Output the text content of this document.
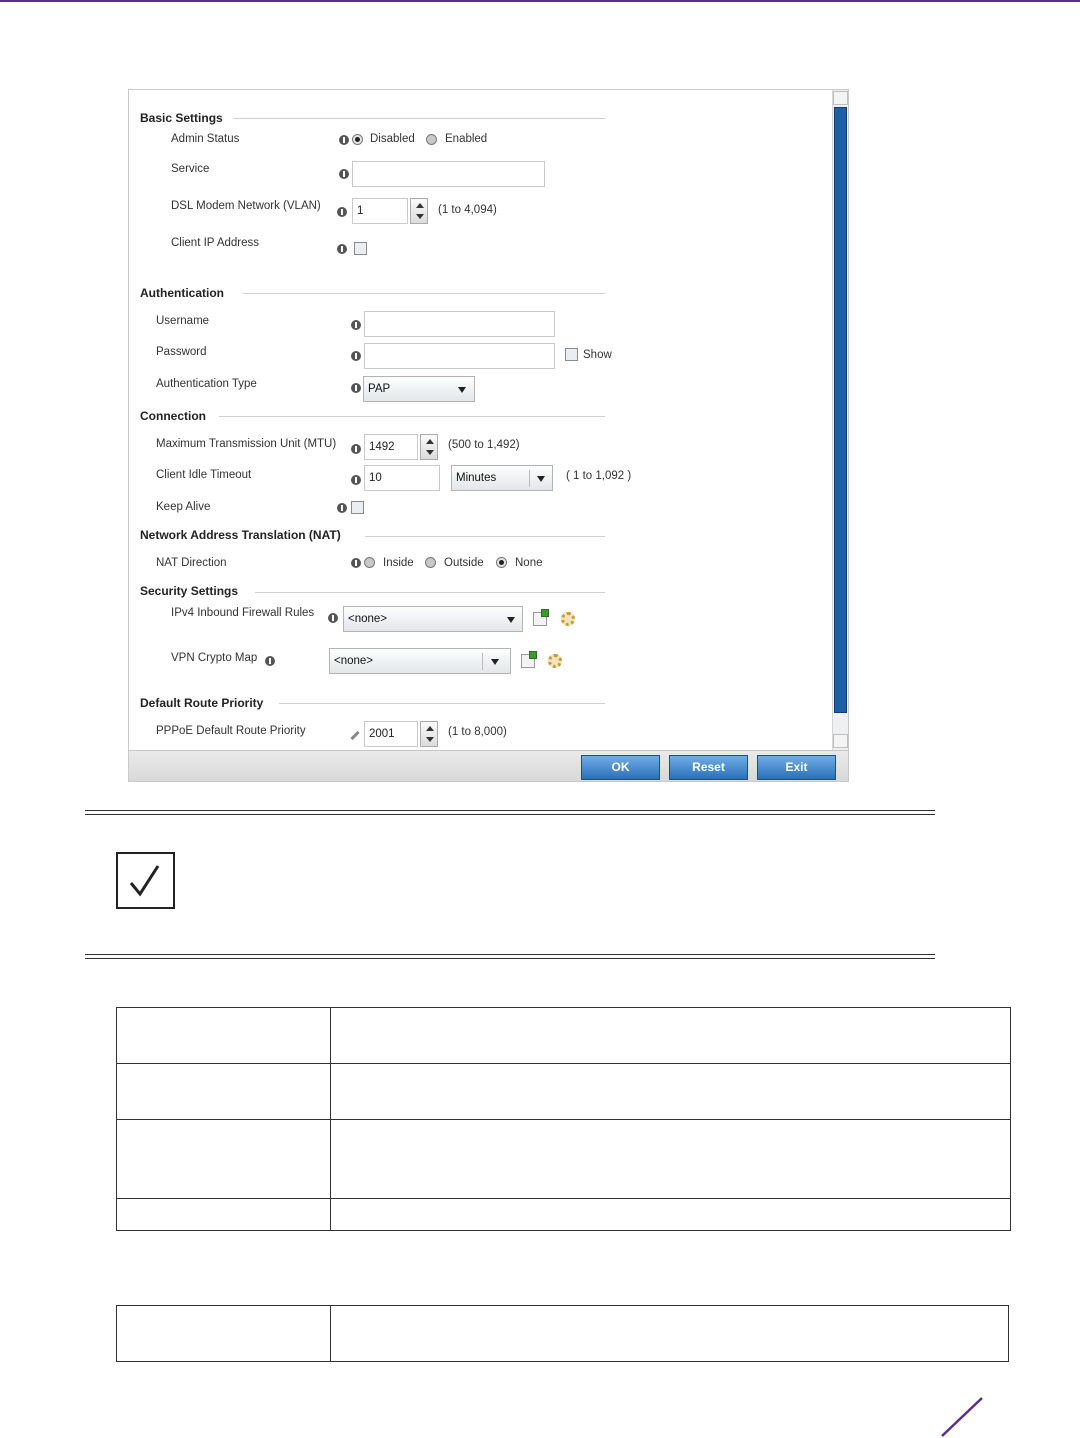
Basic Settings
Admin Status	Disabled	Enabled
Service
DSL Modem Network (VLAN)	1	(1 to 4,094)
Client IP Address
Authentication
Username
Password	Show
Authentication Type	PAP
Connection
Maximum Transmission Unit (MTU)	1492	(500 to 1,492)
Client Idle Timeout	10	Minutes	( 1 to 1,092 )
Keep Alive
Network Address Translation (NAT)
NAT Direction	Inside	Outside	None
Security Settings
IPv4 Inbound Firewall Rules	<none>
VPN Crypto Map	<none>
Default Route Priority
PPPoE Default Route Priority	2001	(1 to 8,000)
OK	Reset	Exit
